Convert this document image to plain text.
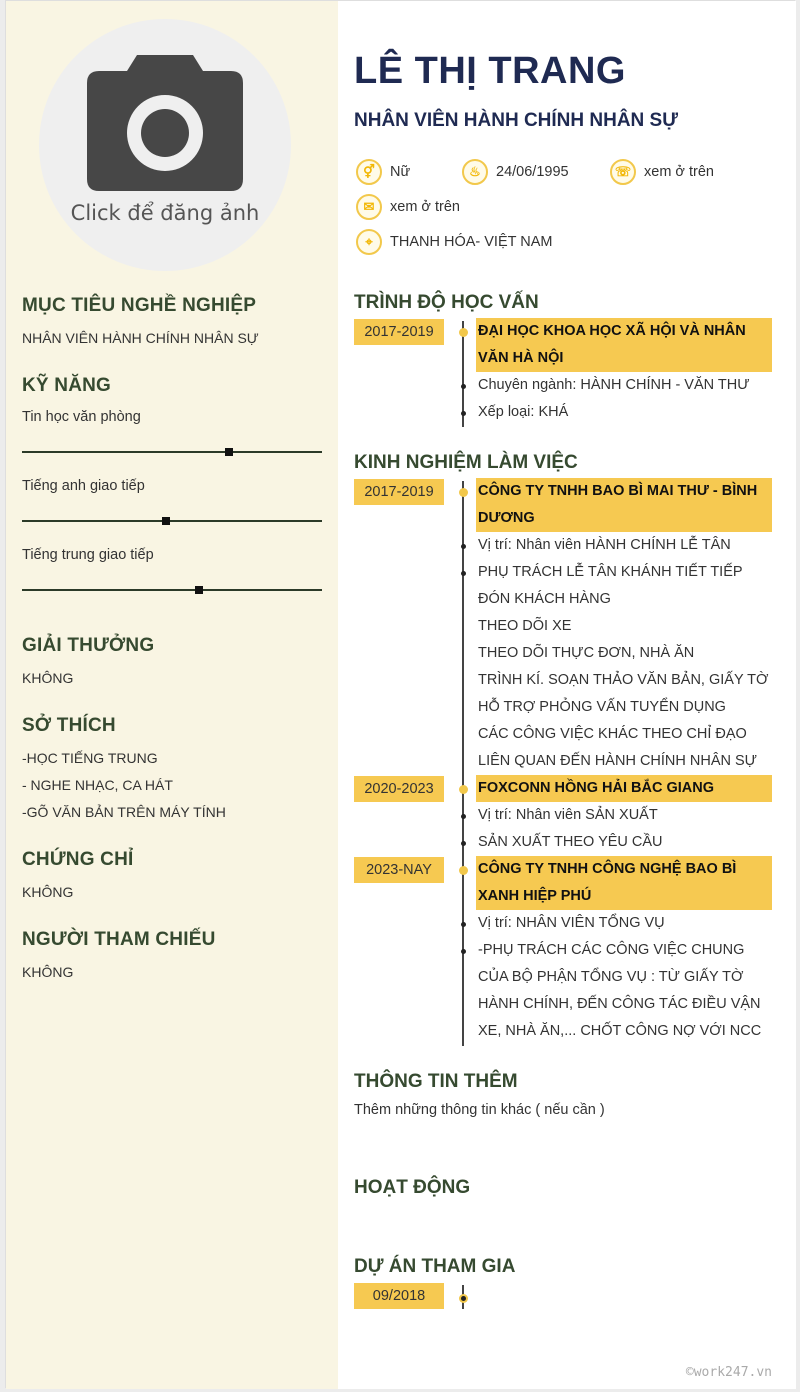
Click để đăng ảnh
MỤC TIÊU NGHỀ NGHIỆP
NHÂN VIÊN HÀNH CHÍNH NHÂN SỰ
KỸ NĂNG
Tin học văn phòng
Tiếng anh giao tiếp
Tiếng trung giao tiếp
GIẢI THƯỞNG
KHÔNG
SỞ THÍCH
-HỌC TIẾNG TRUNG
- NGHE NHẠC, CA HÁT
-GÕ VĂN BẢN TRÊN MÁY TÍNH
CHỨNG CHỈ
KHÔNG
NGƯỜI THAM CHIẾU
KHÔNG
LÊ THỊ TRANG
NHÂN VIÊN HÀNH CHÍNH NHÂN SỰ
⚥	Nữ	♨	24/06/1995	☏ xem ở trên
✉	xem ở trên
⌖	THANH HÓA- VIỆT NAM
TRÌNH ĐỘ HỌC VẤN
2017-2019	ĐẠI HỌC KHOA HỌC XÃ HỘI VÀ NHÂN VĂN HÀ NỘI
Chuyên ngành: HÀNH CHÍNH - VĂN THƯ
Xếp loại: KHÁ
KINH NGHIỆM LÀM VIỆC
2017-2019	CÔNG TY TNHH BAO BÌ MAI THƯ - BÌNH DƯƠNG
Vị trí: Nhân viên HÀNH CHÍNH LỄ TÂN
PHỤ TRÁCH LỄ TÂN KHÁNH TIẾT TIẾP ĐÓN KHÁCH HÀNG
THEO DÕI XE
THEO DÕI THỰC ĐƠN, NHÀ ĂN
TRÌNH KÍ. SOẠN THẢO VĂN BẢN, GIẤY TỜ
HỖ TRỢ PHỎNG VẤN TUYỂN DỤNG
CÁC CÔNG VIỆC KHÁC THEO CHỈ ĐẠO LIÊN QUAN ĐẾN HÀNH CHÍNH NHÂN SỰ
2020-2023	FOXCONN HỒNG HẢI BẮC GIANG
Vị trí: Nhân viên SẢN XUẤT
SẢN XUẤT THEO YÊU CẦU
2023-NAY	CÔNG TY TNHH CÔNG NGHỆ BAO BÌ XANH HIỆP PHÚ
Vị trí: NHÂN VIÊN TỔNG VỤ
-PHỤ TRÁCH CÁC CÔNG VIỆC CHUNG CỦA BỘ PHẬN TỔNG VỤ : TỪ GIẤY TỜ HÀNH CHÍNH, ĐẾN CÔNG TÁC ĐIỀU VẬN XE, NHÀ ĂN,... CHỐT CÔNG NỢ VỚI NCC
THÔNG TIN THÊM
Thêm những thông tin khác ( nếu cần )
HOẠT ĐỘNG
DỰ ÁN THAM GIA
09/2018
©work247.vn
